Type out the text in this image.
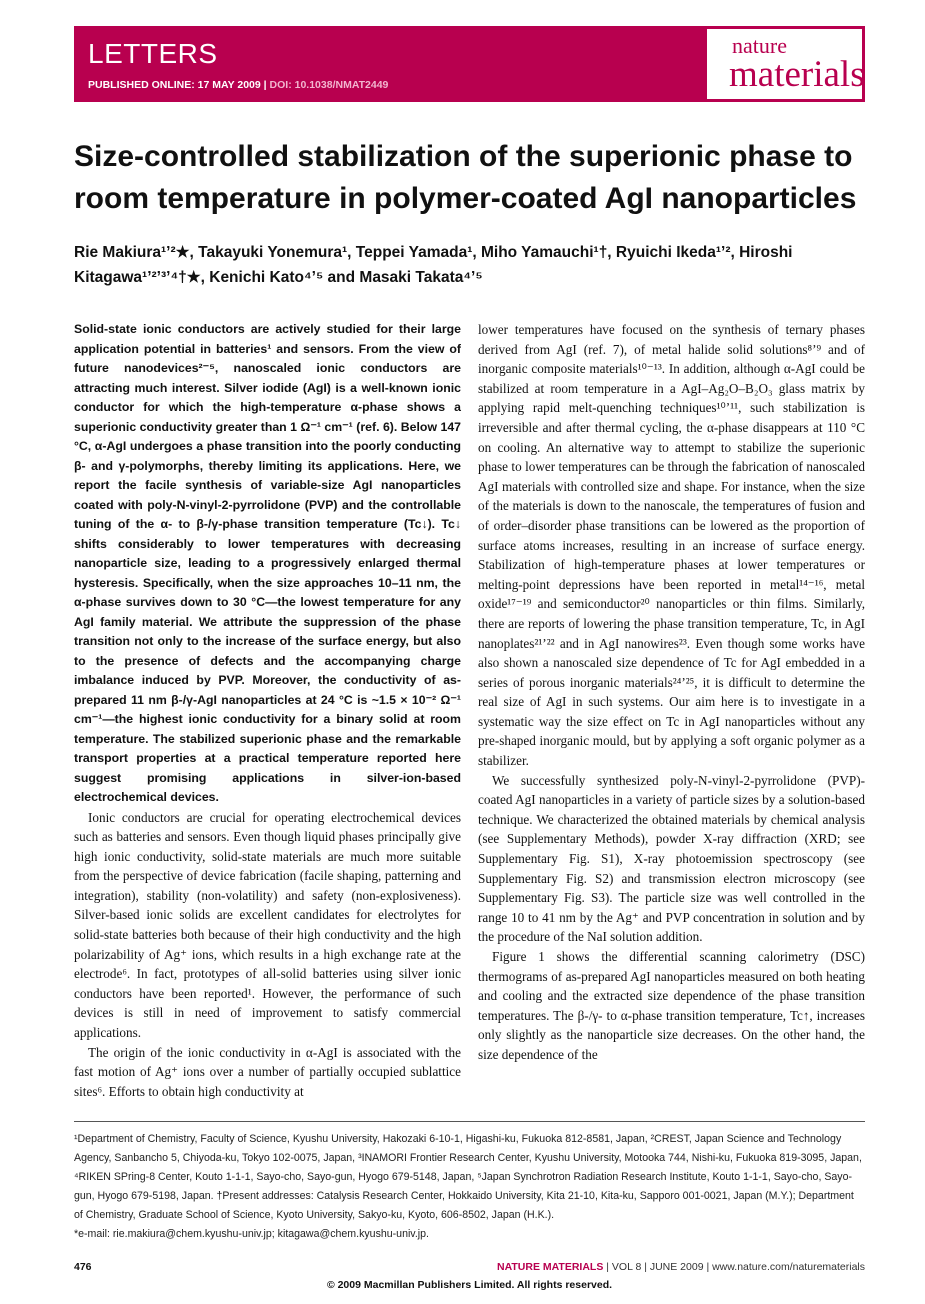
LETTERS
PUBLISHED ONLINE: 17 MAY 2009 | DOI: 10.1038/NMAT2449
nature
materials
Size-controlled stabilization of the superionic phase to room temperature in polymer-coated AgI nanoparticles
Rie Makiura¹ʼ²★, Takayuki Yonemura¹, Teppei Yamada¹, Miho Yamauchi¹†, Ryuichi Ikeda¹ʼ², Hiroshi Kitagawa¹ʼ²ʼ³ʼ⁴†★, Kenichi Kato⁴ʼ⁵ and Masaki Takata⁴ʼ⁵

Solid-state ionic conductors are actively studied for their large application potential in batteries¹ and sensors. From the view of future nanodevices²⁻⁵, nanoscaled ionic conductors are attracting much interest. Silver iodide (AgI) is a well-known ionic conductor for which the high-temperature α-phase shows a superionic conductivity greater than 1 Ω⁻¹ cm⁻¹ (ref. 6). Below 147 °C, α-AgI undergoes a phase transition into the poorly conducting β- and γ-polymorphs, thereby limiting its applications. Here, we report the facile synthesis of variable-size AgI nanoparticles coated with poly-N-vinyl-2-pyrrolidone (PVP) and the controllable tuning of the α- to β-/γ-phase transition temperature (Tc↓). Tc↓ shifts considerably to lower temperatures with decreasing nanoparticle size, leading to a progressively enlarged thermal hysteresis. Specifically, when the size approaches 10–11 nm, the α-phase survives down to 30 °C—the lowest temperature for any AgI family material. We attribute the suppression of the phase transition not only to the increase of the surface energy, but also to the presence of defects and the accompanying charge imbalance induced by PVP. Moreover, the conductivity of as-prepared 11 nm β-/γ-AgI nanoparticles at 24 °C is ~1.5 × 10⁻² Ω⁻¹ cm⁻¹—the highest ionic conductivity for a binary solid at room temperature. The stabilized superionic phase and the remarkable transport properties at a practical temperature reported here suggest promising applications in silver-ion-based electrochemical devices.

Ionic conductors are crucial for operating electrochemical devices such as batteries and sensors. Even though liquid phases principally give high ionic conductivity, solid-state materials are much more suitable from the perspective of device fabrication (facile shaping, patterning and integration), stability (non-volatility) and safety (non-explosiveness). Silver-based ionic solids are excellent candidates for electrolytes for solid-state batteries both because of their high conductivity and the high polarizability of Ag⁺ ions, which results in a high exchange rate at the electrode⁶. In fact, prototypes of all-solid batteries using silver ionic conductors have been reported¹. However, the performance of such devices is still in need of improvement to satisfy commercial applications.

The origin of the ionic conductivity in α-AgI is associated with the fast motion of Ag⁺ ions over a number of partially occupied sublattice sites⁶. Efforts to obtain high conductivity at

lower temperatures have focused on the synthesis of ternary phases derived from AgI (ref. 7), of metal halide solid solutions⁸ʼ⁹ and of inorganic composite materials¹⁰⁻¹³. In addition, although α-AgI could be stabilized at room temperature in a AgI–Ag₂O–B₂O₃ glass matrix by applying rapid melt-quenching techniques¹⁰ʼ¹¹, such stabilization is irreversible and after thermal cycling, the α-phase disappears at 110 °C on cooling. An alternative way to attempt to stabilize the superionic phase to lower temperatures can be through the fabrication of nanoscaled AgI materials with controlled size and shape. For instance, when the size of the materials is down to the nanoscale, the temperatures of fusion and of order–disorder phase transitions can be lowered as the proportion of surface atoms increases, resulting in an increase of surface energy. Stabilization of high-temperature phases at lower temperatures or melting-point depressions have been reported in metal¹⁴⁻¹⁶, metal oxide¹⁷⁻¹⁹ and semiconductor²⁰ nanoparticles or thin films. Similarly, there are reports of lowering the phase transition temperature, Tc, in AgI nanoplates²¹ʼ²² and in AgI nanowires²³. Even though some works have also shown a nanoscaled size dependence of Tc for AgI embedded in a series of porous inorganic materials²⁴ʼ²⁵, it is difficult to determine the real size of AgI in such systems. Our aim here is to investigate in a systematic way the size effect on Tc in AgI nanoparticles without any pre-shaped inorganic mould, but by applying a soft organic polymer as a stabilizer.

We successfully synthesized poly-N-vinyl-2-pyrrolidone (PVP)-coated AgI nanoparticles in a variety of particle sizes by a solution-based technique. We characterized the obtained materials by chemical analysis (see Supplementary Methods), powder X-ray diffraction (XRD; see Supplementary Fig. S1), X-ray photoemission spectroscopy (see Supplementary Fig. S2) and transmission electron microscopy (see Supplementary Fig. S3). The particle size was well controlled in the range 10 to 41 nm by the Ag⁺ and PVP concentration in solution and by the procedure of the NaI solution addition.

Figure 1 shows the differential scanning calorimetry (DSC) thermograms of as-prepared AgI nanoparticles measured on both heating and cooling and the extracted size dependence of the phase transition temperatures. The β-/γ- to α-phase transition temperature, Tc↑, increases only slightly as the nanoparticle size decreases. On the other hand, the size dependence of the

¹Department of Chemistry, Faculty of Science, Kyushu University, Hakozaki 6-10-1, Higashi-ku, Fukuoka 812-8581, Japan, ²CREST, Japan Science and Technology Agency, Sanbancho 5, Chiyoda-ku, Tokyo 102-0075, Japan, ³INAMORI Frontier Research Center, Kyushu University, Motooka 744, Nishi-ku, Fukuoka 819-3095, Japan, ⁴RIKEN SPring-8 Center, Kouto 1-1-1, Sayo-cho, Sayo-gun, Hyogo 679-5148, Japan, ⁵Japan Synchrotron Radiation Research Institute, Kouto 1-1-1, Sayo-cho, Sayo-gun, Hyogo 679-5198, Japan. †Present addresses: Catalysis Research Center, Hokkaido University, Kita 21-10, Kita-ku, Sapporo 001-0021, Japan (M.Y.); Department of Chemistry, Graduate School of Science, Kyoto University, Sakyo-ku, Kyoto, 606-8502, Japan (H.K.).
*e-mail: rie.makiura@chem.kyushu-univ.jp; kitagawa@chem.kyushu-univ.jp.
476	NATURE MATERIALS | VOL 8 | JUNE 2009 | www.nature.com/naturematerials
© 2009 Macmillan Publishers Limited. All rights reserved.
